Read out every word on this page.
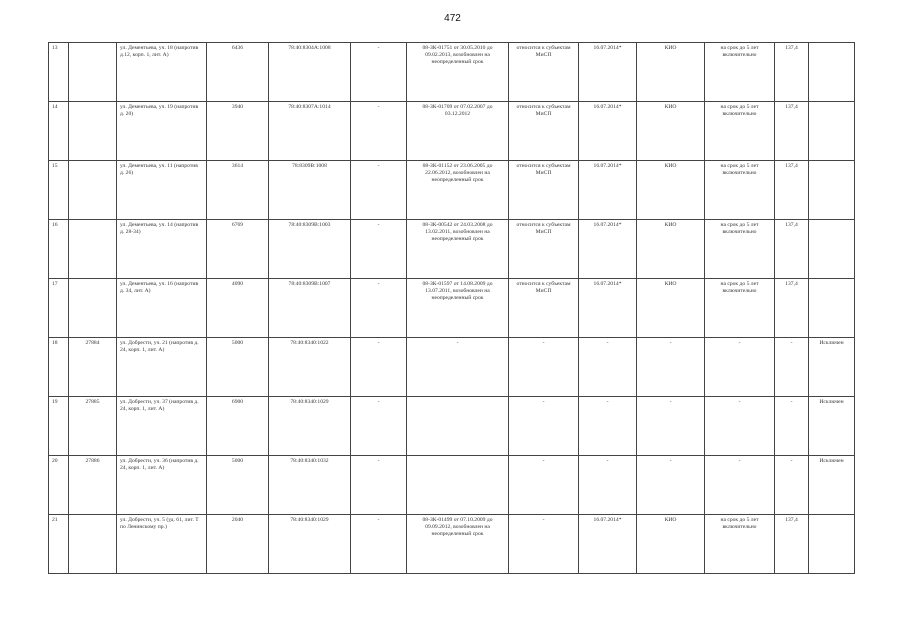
472
13		ул. Дементьева, уч. 18 (напротив д.12, корп. 1, лит. А)	6436	78:40:8304A:1008	-	08-ЗК-01751 от 30.05.2010 до 09.02.2013, возобновлен на неопределенный срок	относится к субъектам МиСП	16.07.2014*	КИО	на срок до 5 лет включительно	137,4	
14		ул. Дементьева, уч. 19 (напротив д. 20)	3940	78:40:8307A:1014	-	08-ЗК-01709 от 07.02.2007 до 03.12.2012	относится к субъектам МиСП	16.07.2014*	КИО	на срок до 5 лет включительно	137,4	
15		ул. Дементьева, уч. 11 (напротив д. 26)	3614	78:8309B:1008	-	08-ЗК-01152 от 23.06.2005 до 22.06.2012, возобновлен на неопределенный срок	относится к субъектам МиСП	16.07.2014*	КИО	на срок до 5 лет включительно	137,4	
16		ул. Дементьева, уч. 14 (напротив д. 28-34)	6769	78:40:8309B:1003	-	08-ЗК-00542 от 24.03.2008 до 13.02.2011, возобновлен на неопределенный срок	относится к субъектам МиСП	16.07.2014*	КИО	на срок до 5 лет включительно	137,4	
17		ул. Дементьева, уч. 16 (напротив д. 34, лит. А)	4090	78:40:8309B:1007	-	08-ЗК-01597 от 14.08.2009 до 13.07.2011, возобновлен на неопределенный срок	относится к субъектам МиСП	16.07.2014*	КИО	на срок до 5 лет включительно	137,4	
18	27884	ул. Добрести, уч. 21 (напротив д. 24, корп. 1, лит. А)	5000	78:40:8340:1022	-	-	-	-	-	-	-	Исключен
19	27885	ул. Добрести, уч. 37 (напротив д. 24, корп. 1, лит. А)	6900	78:40:8340:1029	-		-	-	-	-	-	Исключен
20	27886	ул. Добрести, уч. 36 (напротив д. 24, корп. 1, лит. А)	5000	78:40:8340:1032	-		-	-	-	-	-	Исключен
21		ул. Добрести, уч. 5 (уд. 61, лит. Т по Ленинскому пр.)	2040	78:40:8340:1029	-	08-ЗК-01499 от 07.10.2009 до 09.09.2012, возобновлен на неопределенный срок	-	16.07.2014*	КИО	на срок до 5 лет включительно	137,4	
